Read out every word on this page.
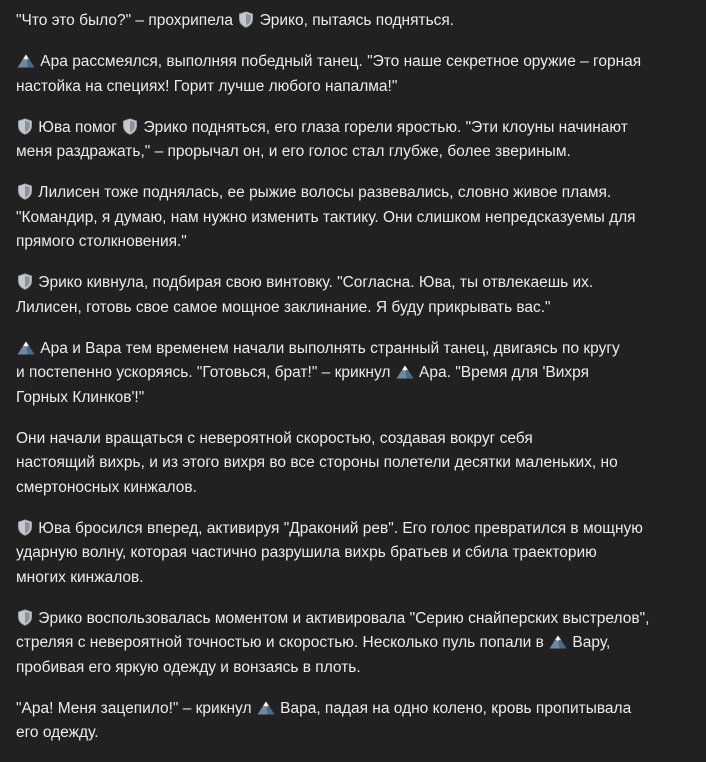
"Что это было?" – прохрипела  Эрико, пытаясь подняться.

Ара рассмеялся, выполняя победный танец. "Это наше секретное оружие – горная
настойка на специях! Горит лучше любого напалма!"

Юва помог  Эрико подняться, его глаза горели яростью. "Эти клоуны начинают
меня раздражать," – прорычал он, и его голос стал глубже, более звериным.

Лилисен тоже поднялась, ее рыжие волосы развевались, словно живое пламя.
"Командир, я думаю, нам нужно изменить тактику. Они слишком непредсказуемы для
прямого столкновения."

Эрико кивнула, подбирая свою винтовку. "Согласна. Юва, ты отвлекаешь их.
Лилисен, готовь свое самое мощное заклинание. Я буду прикрывать вас."

Ара и Вара тем временем начали выполнять странный танец, двигаясь по кругу
и постепенно ускоряясь. "Готовься, брат!" – крикнул  Ара. "Время для 'Вихря
Горных Клинков'!"

Они начали вращаться с невероятной скоростью, создавая вокруг себя
настоящий вихрь, и из этого вихря во все стороны полетели десятки маленьких, но
смертоносных кинжалов.

Юва бросился вперед, активируя "Драконий рев". Его голос превратился в мощную
ударную волну, которая частично разрушила вихрь братьев и сбила траекторию
многих кинжалов.

Эрико воспользовалась моментом и активировала "Серию снайперских выстрелов",
стреляя с невероятной точностью и скоростью. Несколько пуль попали в  Вару,
пробивая его яркую одежду и вонзаясь в плоть.

"Ара! Меня зацепило!" – крикнул  Вара, падая на одно колено, кровь пропитывала
его одежду.
